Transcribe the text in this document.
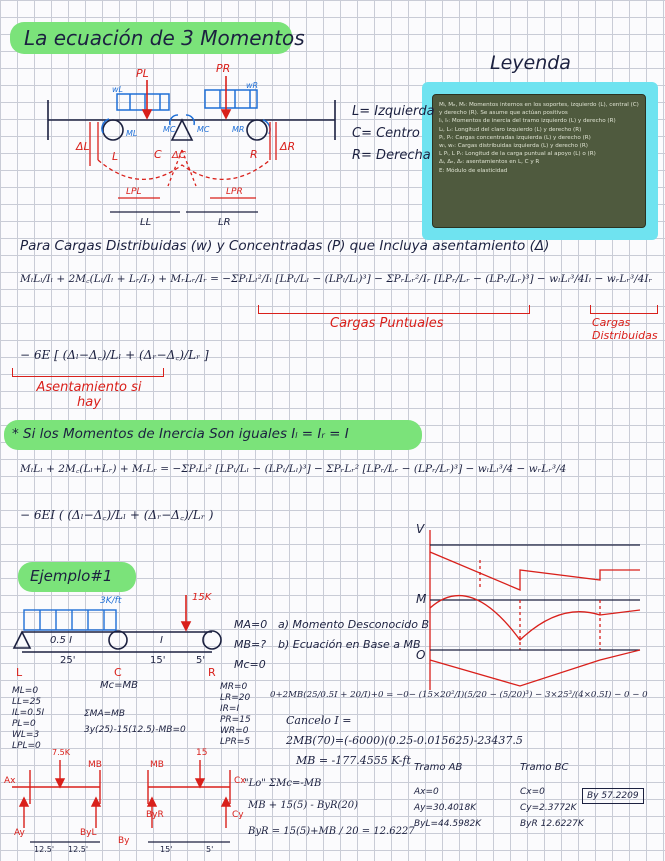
La ecuación de 3 Momentos
Leyenda
Mₗ, Mₑ, Mᵣ: Momentos internos en los soportes, izquierdo (L), central (C) y derecho (R). Se asume que actúan positivos
Iₗ, Iᵣ: Momentos de inercia del tramo izquierdo (L) y derecho (R)
Lₗ, Lᵣ: Longitud del claro izquierdo (L) y derecho (R)
Pₗ, Pᵣ: Cargas concentradas izquierda (L) y derecho (R)
wₗ, wᵣ: Cargas distribuidas izquierda (L) y derecho (R)
L Pₗ, L Pᵣ: Longitud de la carga puntual al apoyo (L) o (R)
Δₗ, Δₑ, Δᵣ: asentamientos en L, C y R
E: Módulo de elasticidad
L= Izquierda
C= Centro
R= Derecha
PL	PR
wL	wR
ML	MC	MC	MR
ΔL	ΔR
ΔC
L	C	R
LPL	LPR
LL	LR
Para Cargas Distribuidas (w) y Concentradas (P) que Incluya asentamiento (Δ)
MₗLₗ/Iₗ + 2M꜀(Lₗ/Iₗ + Lᵣ/Iᵣ) + MᵣLᵣ/Iᵣ = −ΣPₗLₗ²/Iₗ [LPₗ/Lₗ − (LPₗ/Lₗ)³] − ΣPᵣLᵣ²/Iᵣ [LPᵣ/Lᵣ − (LPᵣ/Lᵣ)³] − wₗLₗ³/4Iₗ − wᵣLᵣ³/4Iᵣ
Cargas Puntuales	Cargas Distribuidas
− 6E [ (Δₗ−Δ꜀)/Lₗ + (Δᵣ−Δ꜀)/Lᵣ ]
Asentamiento si hay
* Si los Momentos de Inercia Son iguales Iₗ = Iᵣ = I
MₗLₗ + 2M꜀(Lₗ+Lᵣ) + MᵣLᵣ = −ΣPₗLₗ² [LPₗ/Lₗ − (LPₗ/Lₗ)³] − ΣPᵣLᵣ² [LPᵣ/Lᵣ − (LPᵣ/Lᵣ)³] − wₗLₗ³/4 − wᵣLᵣ³/4
− 6EI ( (Δₗ−Δ꜀)/Lₗ + (Δᵣ−Δ꜀)/Lᵣ )
Ejemplo#1
3K/ft	15K
0.5 I	I
25'	15'	5'
L	C	R
MA=0
MB=?
Mc=0
a) Momento Desconocido B
b) Ecuación en Base a MB
V
M
O
ML=0
LL=25
IL=0.5I
PL=0
WL=3
LPL=0
Mc=MB
ΣMA=MB
3y(25)-15(12.5)-MB=0
MR=0
LR=20
IR=I
PR=15
WR=0
LPR=5
0+2MB(25/0.5I + 20/I)+0 = −0− (15×20²/I)(5/20 − (5/20)³) − 3×25³/(4×0.5I) − 0 − 0
Cancelo I =
2MB(70)=(-6000)(0.25-0.015625)-23437.5
MB = -177.4555 K-ft
"Lo" ΣMc=-MB
MB + 15(5) - ByR(20)
ByR = 15(5)+MB / 20 = 12.6227
Tramo AB
Ax=0
Ay=30.4018K
ByL=44.5982K
Tramo BC
Cx=0
Cy=2.3772K
ByR 12.6227K
By 57.2209
7.5K
Ax
Ay	ByL
By
ByR
MB	MB
15
Cx
Cy
12.5' 12.5'	15'	5'
